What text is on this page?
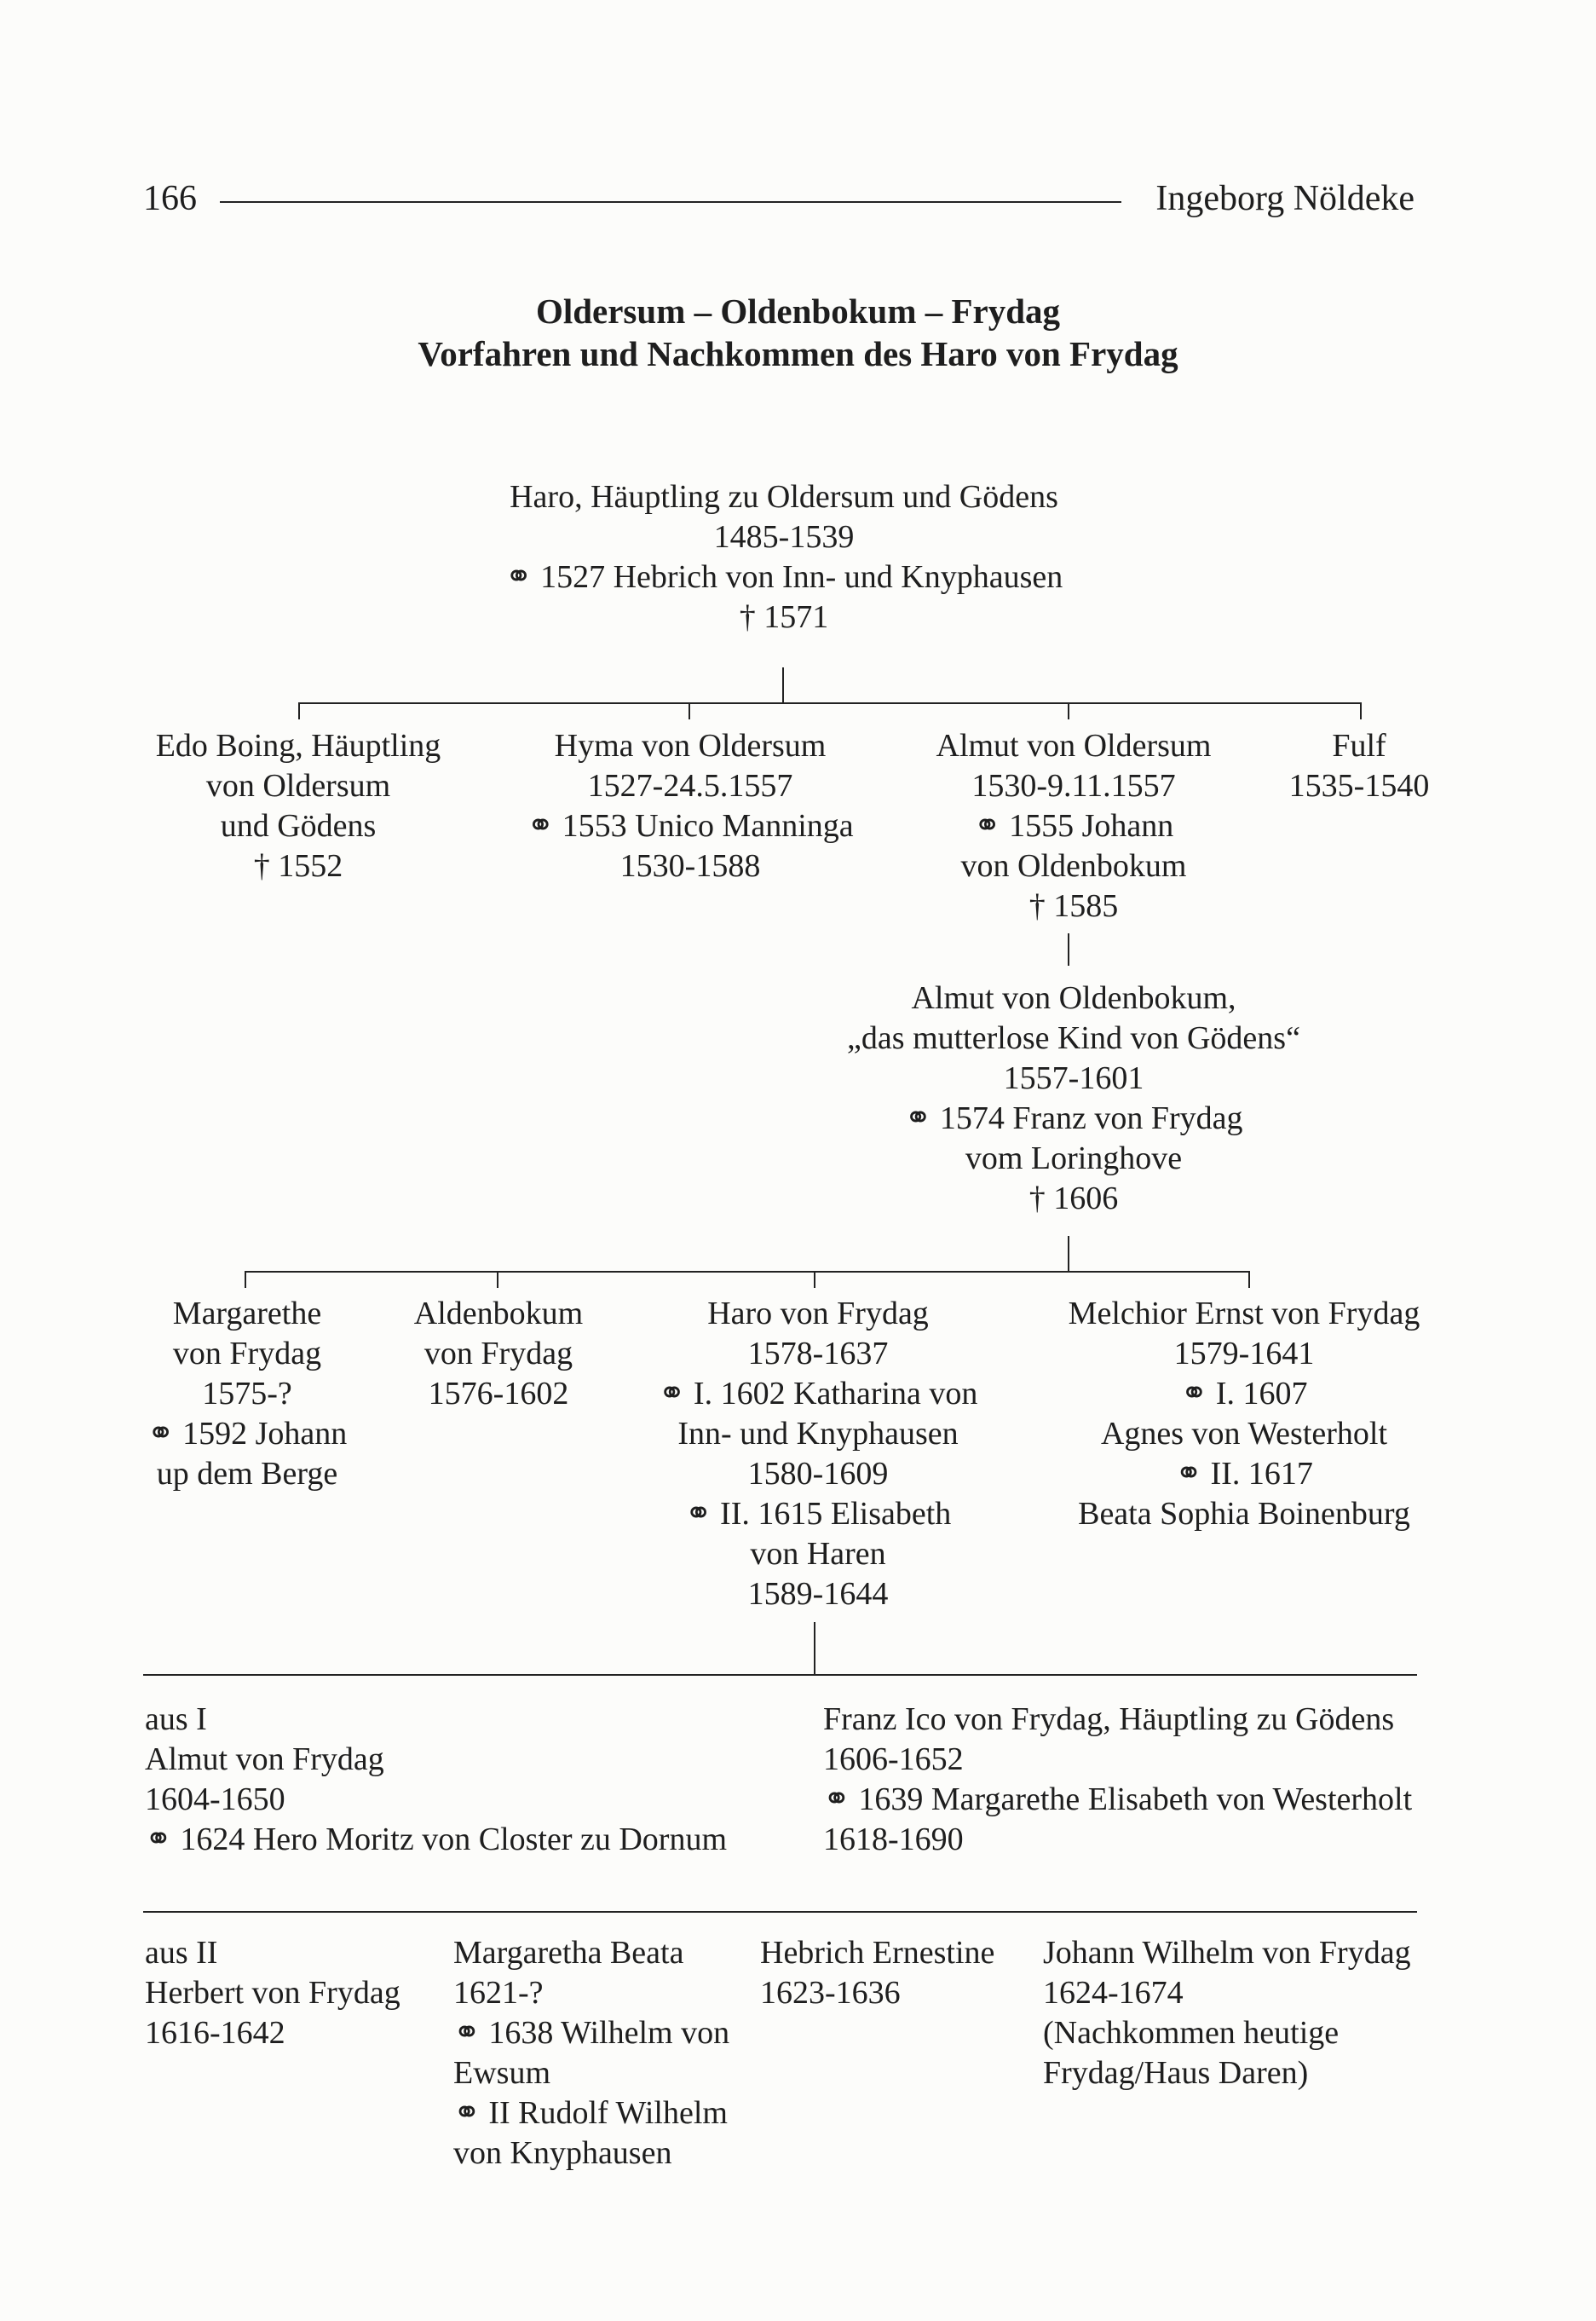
166	Ingeborg Nöldeke
Oldersum – Oldenbokum – Frydag
Vorfahren und Nachkommen des Haro von Frydag
Haro, Häuptling zu Oldersum und Gödens
1485-1539
⚭ 1527 Hebrich von Inn- und Knyphausen
† 1571
Edo Boing, Häuptling
von Oldersum
und Gödens
† 1552
Hyma von Oldersum
1527-24.5.1557
⚭ 1553 Unico Manninga
1530-1588
Almut von Oldersum
1530-9.11.1557
⚭ 1555 Johann
von Oldenbokum
† 1585
Fulf
1535-1540
Almut von Oldenbokum,
„das mutterlose Kind von Gödens“
1557-1601
⚭ 1574 Franz von Frydag
vom Loringhove
† 1606
Margarethe
von Frydag
1575-?
⚭ 1592 Johann
up dem Berge
Aldenbokum
von Frydag
1576-1602
Haro von Frydag
1578-1637
⚭ I. 1602 Katharina von
Inn- und Knyphausen
1580-1609
⚭ II. 1615 Elisabeth
von Haren
1589-1644
Melchior Ernst von Frydag
1579-1641
⚭ I. 1607
Agnes von Westerholt
⚭ II. 1617
Beata Sophia Boinenburg
aus I
Almut von Frydag
1604-1650
⚭ 1624 Hero Moritz von Closter zu Dornum
Franz Ico von Frydag, Häuptling zu Gödens
1606-1652
⚭ 1639 Margarethe Elisabeth von Westerholt
1618-1690
aus II
Herbert von Frydag
1616-1642
Margaretha Beata
1621-?
⚭ 1638 Wilhelm von
Ewsum
⚭ II Rudolf Wilhelm
von Knyphausen
Hebrich Ernestine
1623-1636
Johann Wilhelm von Frydag
1624-1674
(Nachkommen heutige
Frydag/Haus Daren)
